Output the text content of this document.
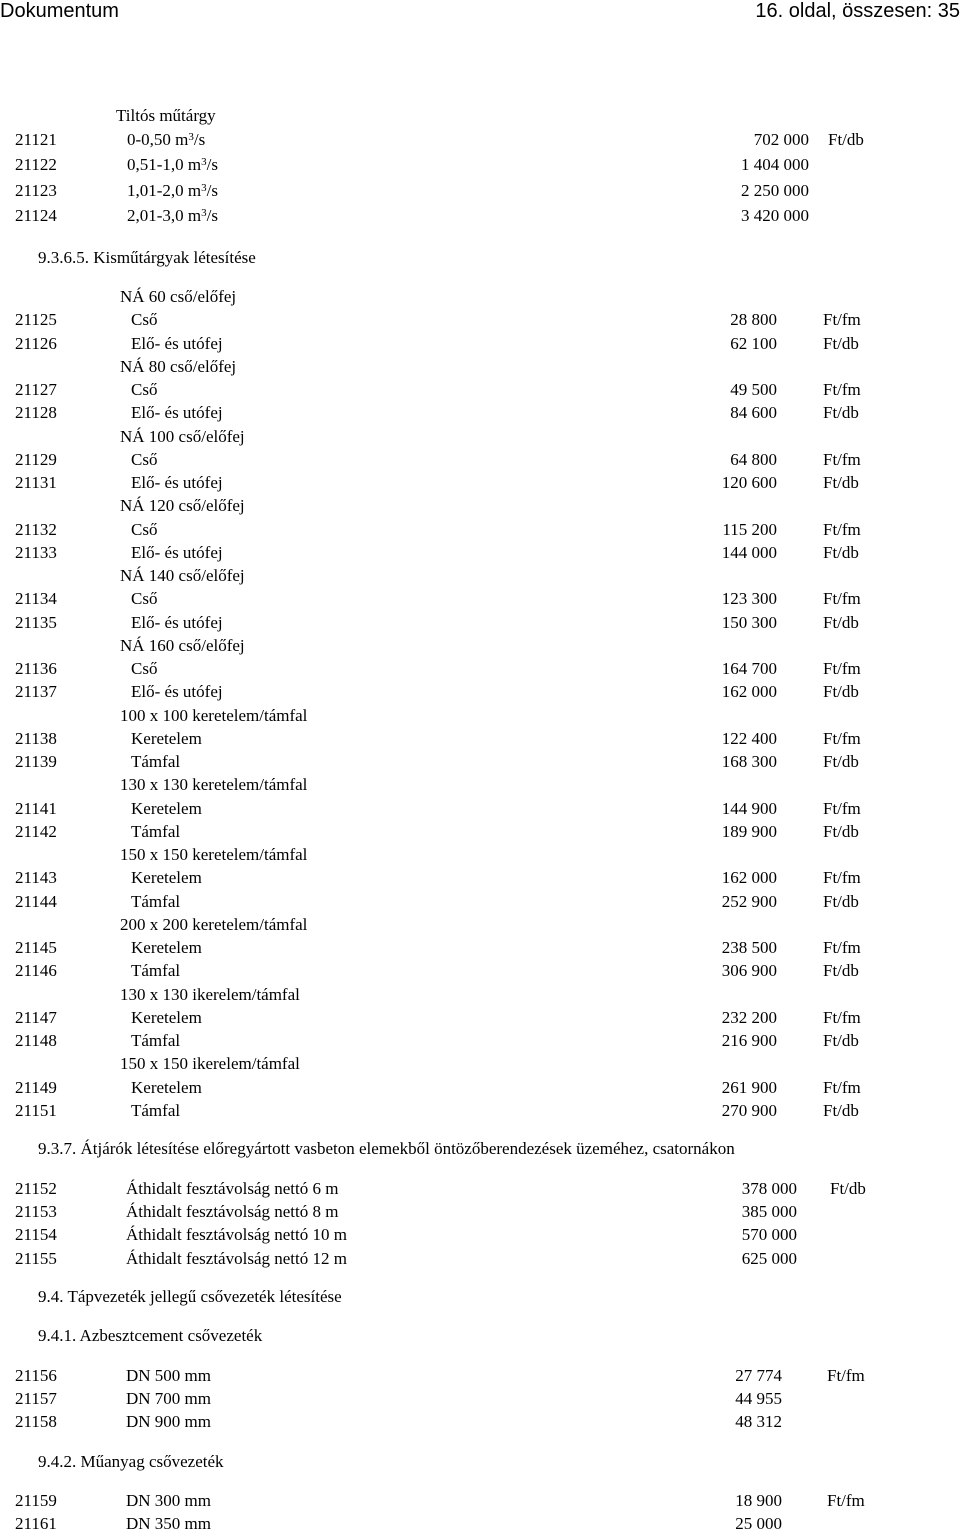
Dokumentum	16. oldal, összesen: 35
Tiltós műtárgy
21121	0-0,50 $m^3/s$	702 000 Ft/db
21122	0,51-1,0 $m^3/s$	1 404 000
21123	1,01-2,0 $m^3/s$	2 250 000
21124	2,01-3,0 $m^3/s$	3 420 000
9.3.6.5. Kisműtárgyak létesítése
NÁ 60 cső/előfej
21125	Cső	28 800	Ft/fm
21126	Elő- és utófej	62 100	Ft/db
NÁ 80 cső/előfej
21127	Cső	49 500	Ft/fm
21128	Elő- és utófej	84 600	Ft/db
NÁ 100 cső/előfej
21129	Cső	64 800	Ft/fm
21131	Elő- és utófej	120 600	Ft/db
NÁ 120 cső/előfej
21132	Cső	115 200	Ft/fm
21133	Elő- és utófej	144 000	Ft/db
NÁ 140 cső/előfej
21134	Cső	123 300	Ft/fm
21135	Elő- és utófej	150 300	Ft/db
NÁ 160 cső/előfej
21136	Cső	164 700	Ft/fm
21137	Elő- és utófej	162 000	Ft/db
100 x 100 keretelem/támfal
21138	Keretelem	122 400	Ft/fm
21139	Támfal	168 300	Ft/db
130 x 130 keretelem/támfal
21141	Keretelem	144 900	Ft/fm
21142	Támfal	189 900	Ft/db
150 x 150 keretelem/támfal
21143	Keretelem	162 000	Ft/fm
21144	Támfal	252 900	Ft/db
200 x 200 keretelem/támfal
21145	Keretelem	238 500	Ft/fm
21146	Támfal	306 900	Ft/db
130 x 130 ikerelem/támfal
21147	Keretelem	232 200	Ft/fm
21148	Támfal	216 900	Ft/db
150 x 150 ikerelem/támfal
21149	Keretelem	261 900	Ft/fm
21151	Támfal	270 900	Ft/db
9.3.7. Átjárók létesítése előregyártott vasbeton elemekből öntözőberendezések üzeméhez, csatornákon
21152	Áthidalt fesztávolság nettó 6 m	378 000 Ft/db
21153	Áthidalt fesztávolság nettó 8 m	385 000
21154	Áthidalt fesztávolság nettó 10 m	570 000
21155	Áthidalt fesztávolság nettó 12 m	625 000
9.4. Tápvezeték jellegű csővezeték létesítése
9.4.1. Azbesztcement csővezeték
21156	DN 500 mm	27 774	Ft/fm
21157	DN 700 mm	44 955
21158	DN 900 mm	48 312
9.4.2. Műanyag csővezeték
21159	DN 300 mm	18 900	Ft/fm
21161	DN 350 mm	25 000
